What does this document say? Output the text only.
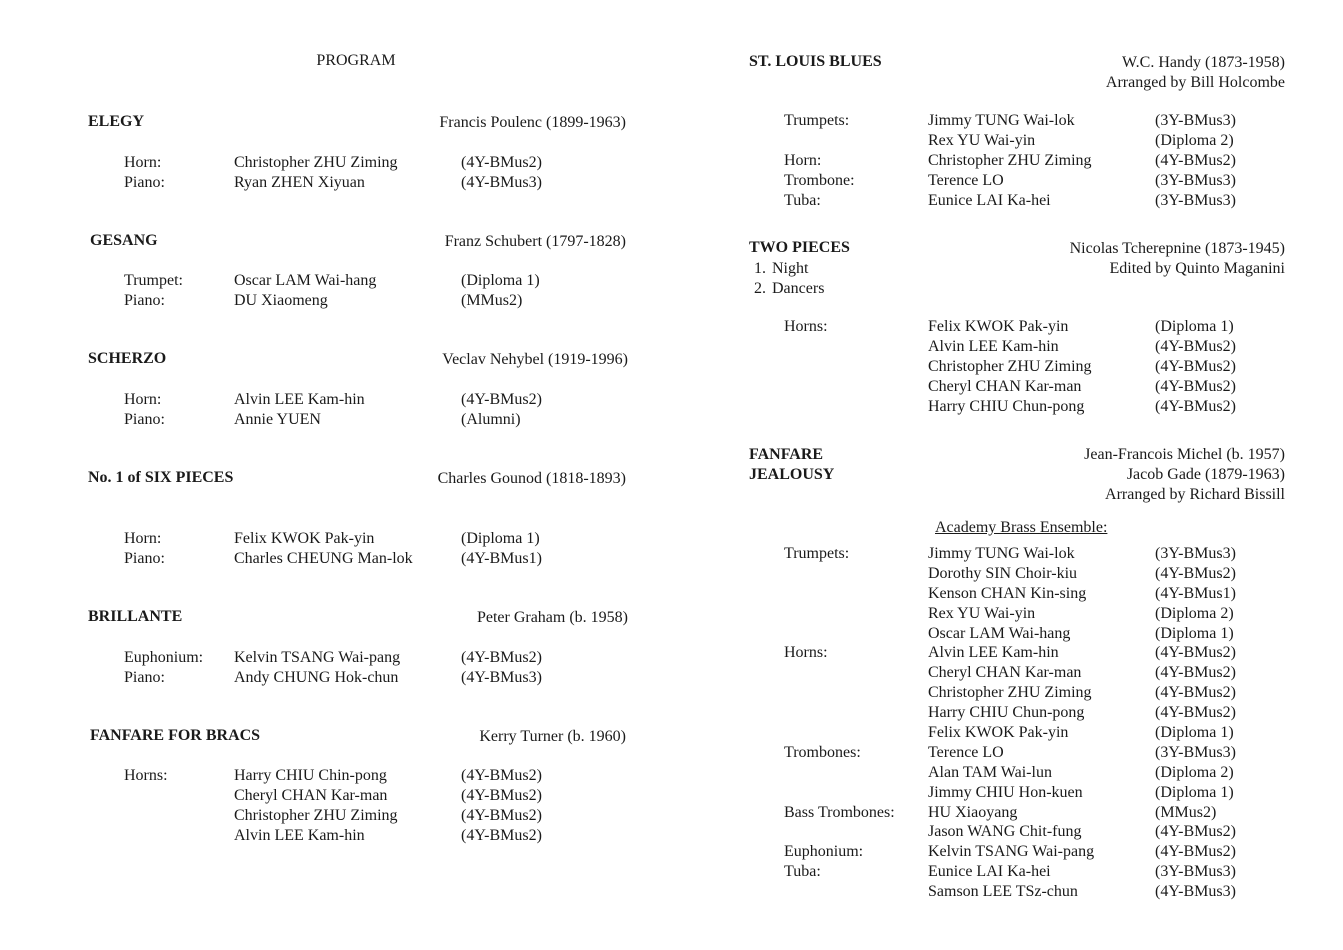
PROGRAM
ELEGY	Francis Poulenc (1899-1963)
Horn:	Christopher ZHU Ziming	(4Y-BMus2)
Piano:	Ryan ZHEN Xiyuan	(4Y-BMus3)
GESANG	Franz Schubert (1797-1828)
Trumpet:	Oscar LAM Wai-hang	(Diploma 1)
Piano:	DU Xiaomeng	(MMus2)
SCHERZO	Veclav Nehybel (1919-1996)
Horn:	Alvin LEE Kam-hin	(4Y-BMus2)
Piano:	Annie YUEN	(Alumni)
No. 1 of SIX PIECES	Charles Gounod (1818-1893)
Horn:	Felix KWOK Pak-yin	(Diploma 1)
Piano:	Charles CHEUNG Man-lok	(4Y-BMus1)
BRILLANTE	Peter Graham (b. 1958)
Euphonium: Kelvin TSANG Wai-pang	(4Y-BMus2)
Piano:	Andy CHUNG Hok-chun	(4Y-BMus3)
FANFARE FOR BRACS	Kerry Turner (b. 1960)
Horns:	Harry CHIU Chin-pong	(4Y-BMus2)
Cheryl CHAN Kar-man	(4Y-BMus2)
Christopher ZHU Ziming	(4Y-BMus2)
Alvin LEE Kam-hin	(4Y-BMus2)
ST. LOUIS BLUES	W.C. Handy (1873-1958)
Arranged by Bill Holcombe
Trumpets:	Jimmy TUNG Wai-lok	(3Y-BMus3)
Rex YU Wai-yin	(Diploma 2)
Horn:	Christopher ZHU Ziming	(4Y-BMus2)
Trombone:	Terence LO	(3Y-BMus3)
Tuba:	Eunice LAI Ka-hei	(3Y-BMus3)
TWO PIECES
1. Night
2. Dancers
Nicolas Tcherepnine (1873-1945)
Edited by Quinto Maganini
Horns:	Felix KWOK Pak-yin	(Diploma 1)
Alvin LEE Kam-hin	(4Y-BMus2)
Christopher ZHU Ziming	(4Y-BMus2)
Cheryl CHAN Kar-man	(4Y-BMus2)
Harry CHIU Chun-pong	(4Y-BMus2)
FANFARE
JEALOUSY
Jean-Francois Michel (b. 1957)
Jacob Gade (1879-1963)
Arranged by Richard Bissill
Academy Brass Ensemble:
Trumpets:	Jimmy TUNG Wai-lok	(3Y-BMus3)
Dorothy SIN Choir-kiu	(4Y-BMus2)
Kenson CHAN Kin-sing	(4Y-BMus1)
Rex YU Wai-yin	(Diploma 2)
Oscar LAM Wai-hang	(Diploma 1)
Horns:	Alvin LEE Kam-hin	(4Y-BMus2)
Cheryl CHAN Kar-man	(4Y-BMus2)
Christopher ZHU Ziming	(4Y-BMus2)
Harry CHIU Chun-pong	(4Y-BMus2)
Felix KWOK Pak-yin	(Diploma 1)
Trombones:	Terence LO	(3Y-BMus3)
Alan TAM Wai-lun	(Diploma 2)
Jimmy CHIU Hon-kuen	(Diploma 1)
Bass Trombones: HU Xiaoyang	(MMus2)
Jason WANG Chit-fung	(4Y-BMus2)
Euphonium:	Kelvin TSANG Wai-pang	(4Y-BMus2)
Tuba:	Eunice LAI Ka-hei	(3Y-BMus3)
Samson LEE TSz-chun	(4Y-BMus3)
